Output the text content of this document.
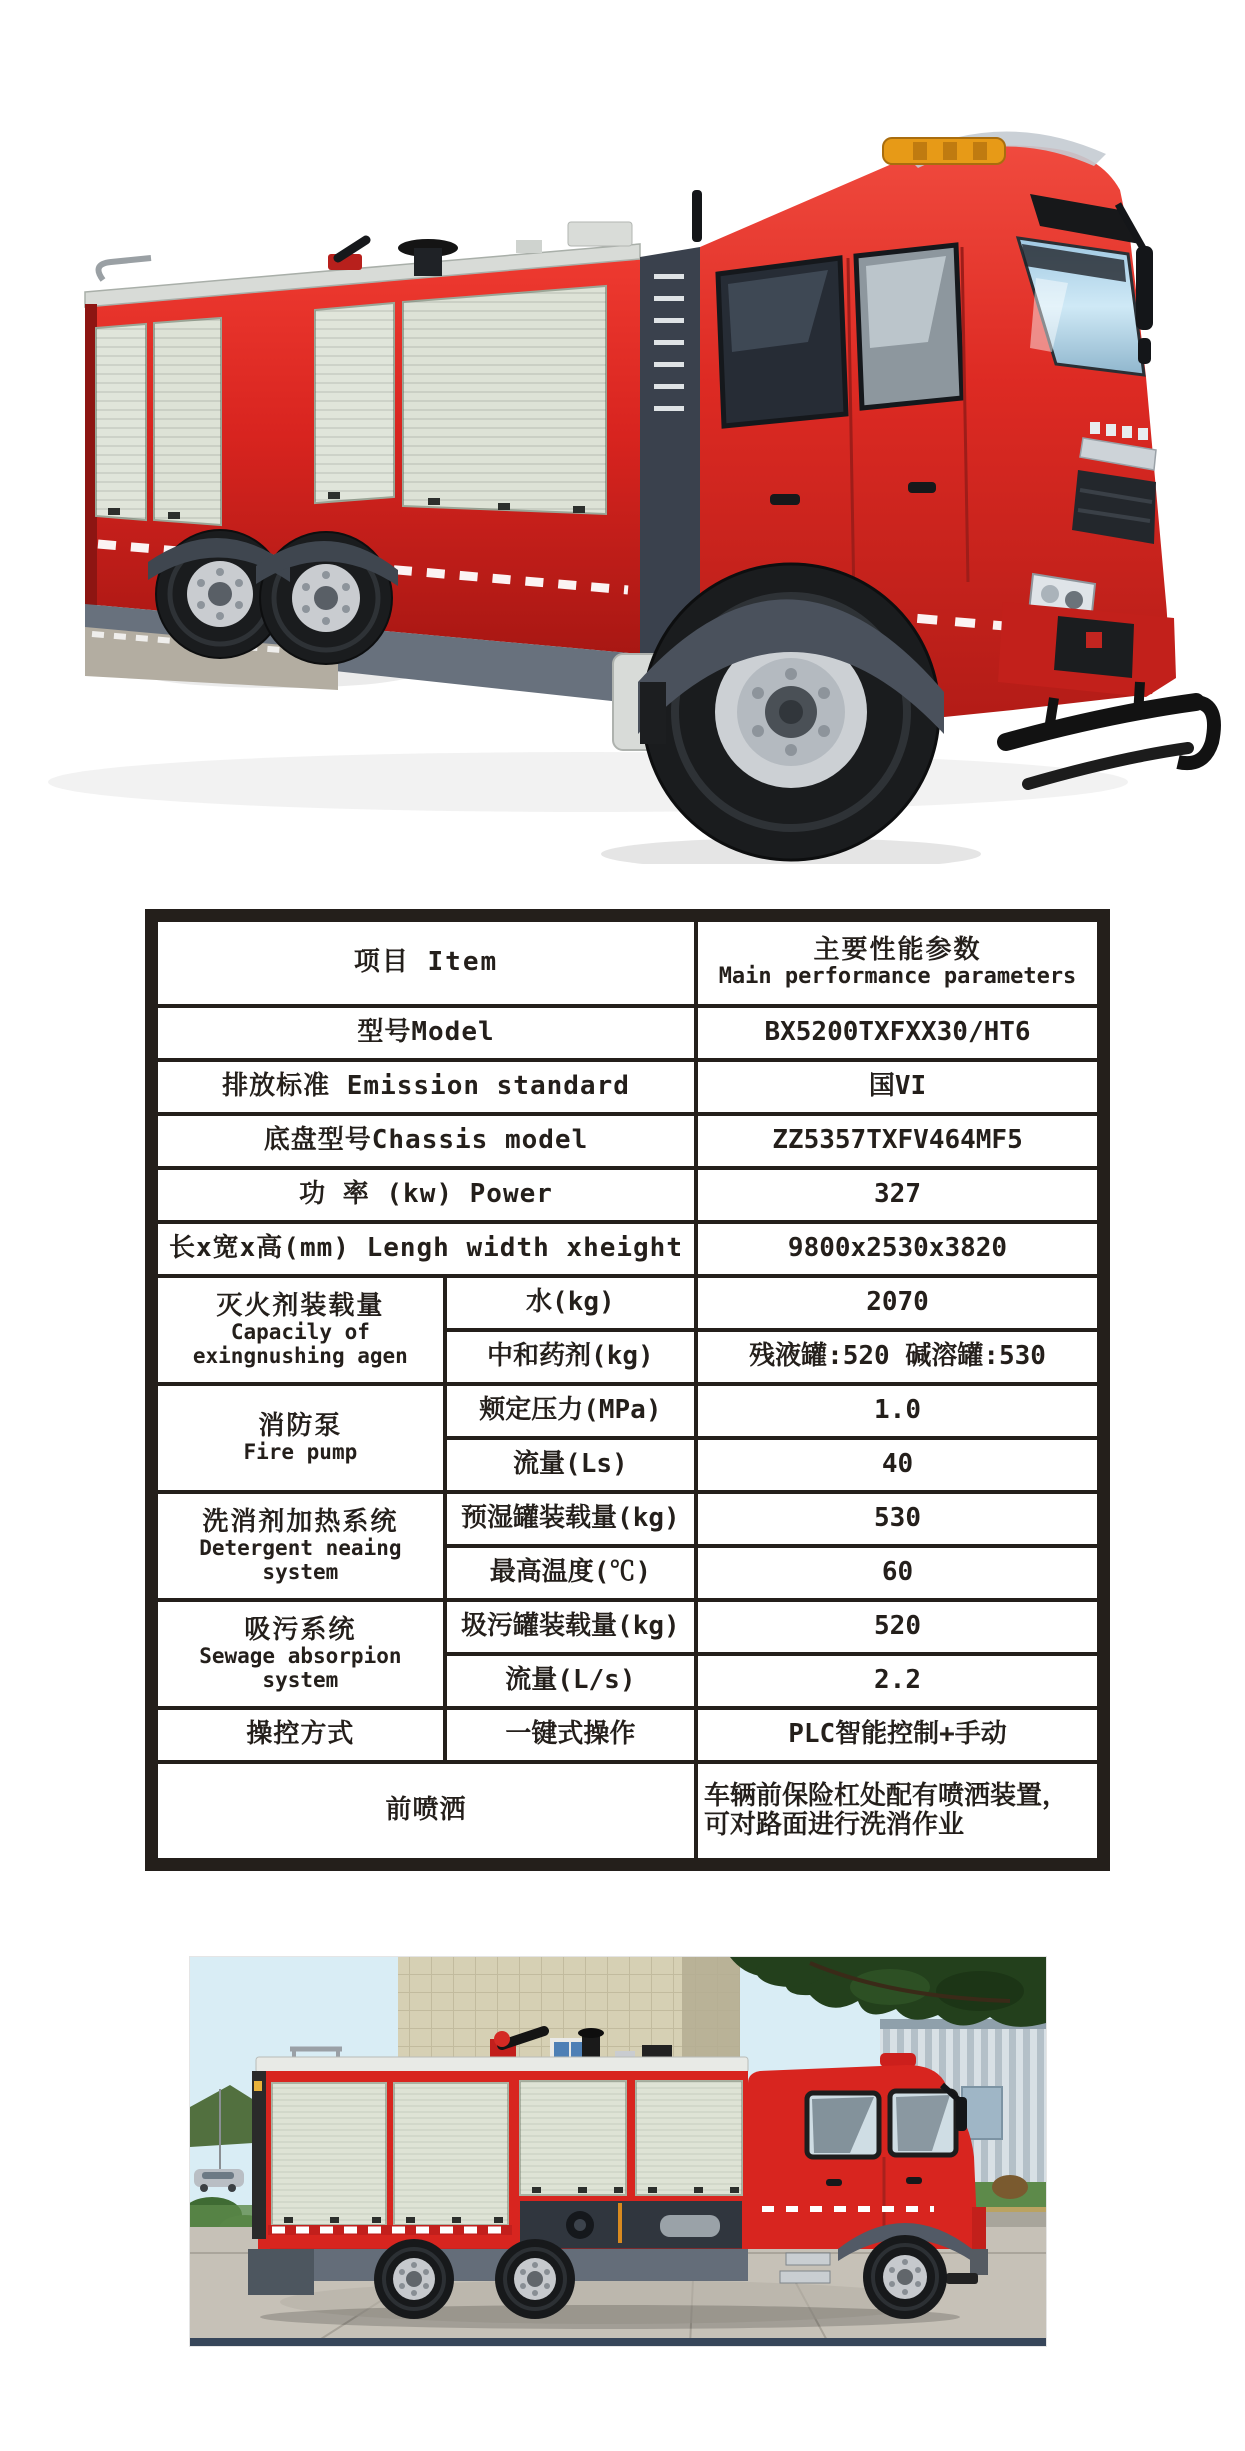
项目 Item		主要性能参数
Main performance parameters

型号Model		BX5200TXFXX30/HT6
排放标准 Emission standard		国VI
底盘型号Chassis model		ZZ5357TXFV464MF5
功 率 (kw) Power		327
长x宽x高(mm) Lengh width xheight		9800x2530x3820

灭火剂装载量
Capacily of exingnushing agen	水(kg)	2070
	中和药剂(kg)	残液罐:520 碱溶罐:530

消防泵
Fire pump	颊定压力(MPa)	1.0
	流量(Ls)	40

洗消剂加热系统
Detergent neaing system	预湿罐装载量(kg)	530
	最高温度(℃)	60

吸污系统
Sewage absorpion system	圾污罐装载量(kg)	520
	流量(L/s)	2.2
操控方式	一键式操作	PLC智能控制+手动
前喷洒		车辆前保险杠处配有喷洒装置，可对路面进行洗消作业
